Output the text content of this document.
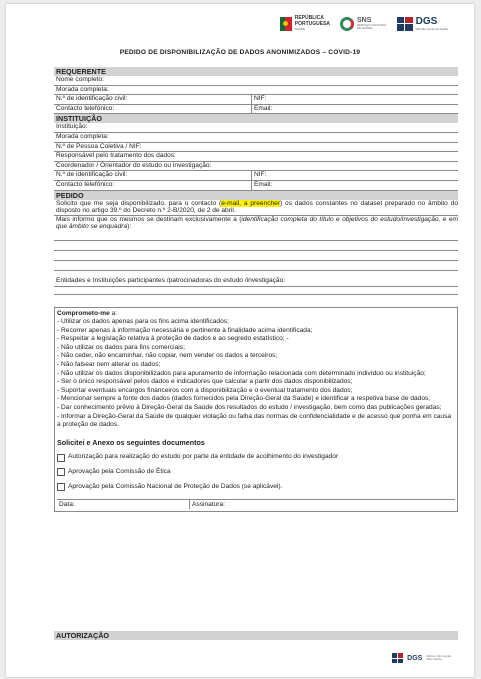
REPÚBLICA
PORTUGUESA
SAÚDE
SNS
SERVIÇO NACIONAL
DE SAÚDE
DGS
Direção-Geral da Saúde
PEDIDO DE DISPONIBILIZAÇÃO DE DADOS ANONIMIZADOS – COVID-19
REQUERENTE
Nome completo:
Morada completa:
N.º de identificação civil:	NIF:
Contacto telefónico:	Email:
INSTITUIÇÃO
Instituição:
Morada completa:
N.º de Pessoa Coletiva / NIF:
Responsável pelo tratamento dos dados:
Coordenador / Orientador do estudo ou investigação:
N.º de identificação civil:	NIF:
Contacto telefónico:	Email:
PEDIDO
Solicito que me seja disponibilizado, para o contacto (e-mail, a preencher) os dados constantes no dataset preparado no âmbito do disposto no artigo 39.º do Decreto n.º 2-B/2020, de 2 de abril.
Mais informo que os mesmos se destinam exclusivamente a (identificação completa do título e objetivos do estudo/investigação, e em que âmbito se enquadra):
Entidades e Instituições participantes /patrocinadoras do estudo /investigação:

Comprometo-me a:

- Utilizar os dados apenas para os fins acima identificados;

- Recorrer apenas à informação necessária e pertinente à finalidade acima identificada;

- Respeitar a legislação relativa à proteção de dados e ao segredo estatístico; -

- Não utilizar os dados para fins comerciais;

- Não ceder, não encaminhar, não copiar, nem vender os dados a terceiros;

- Não falsear nem alterar os dados;

- Não utilizar os dados disponibilizados para apuramento de informação relacionada com determinado indivíduo ou instituição;

- Ser o único responsável pelos dados e indicadores que calcular a partir dos dados disponibilizados;

- Suportar eventuais encargos financeiros com a disponibilização e o eventual tratamento dos dados;

- Mencionar sempre a fonte dos dados (dados fornecidos pela Direção-Geral da Saúde) e identificar a respetiva base de dados;

- Dar conhecimento prévio à Direção-Geral da Saúde dos resultados do estudo / investigação, bem como das publicações geradas;

- Informar a Direção-Geral da Saúde de qualquer violação ou falha das normas de confidencialidade e de acesso que ponha em causa a proteção de dados.

Solicitei e Anexo os seguintes documentos
Autorização para realização do estudo por parte da entidade de acolhimento do investigador
Aprovação pela Comissão de Ética
Aprovação pela Comissão Nacional de Proteção de Dados (se aplicável).
Data:	Assinatura:
AUTORIZAÇÃO
DGS Melhor informação.
Mais saúde.
